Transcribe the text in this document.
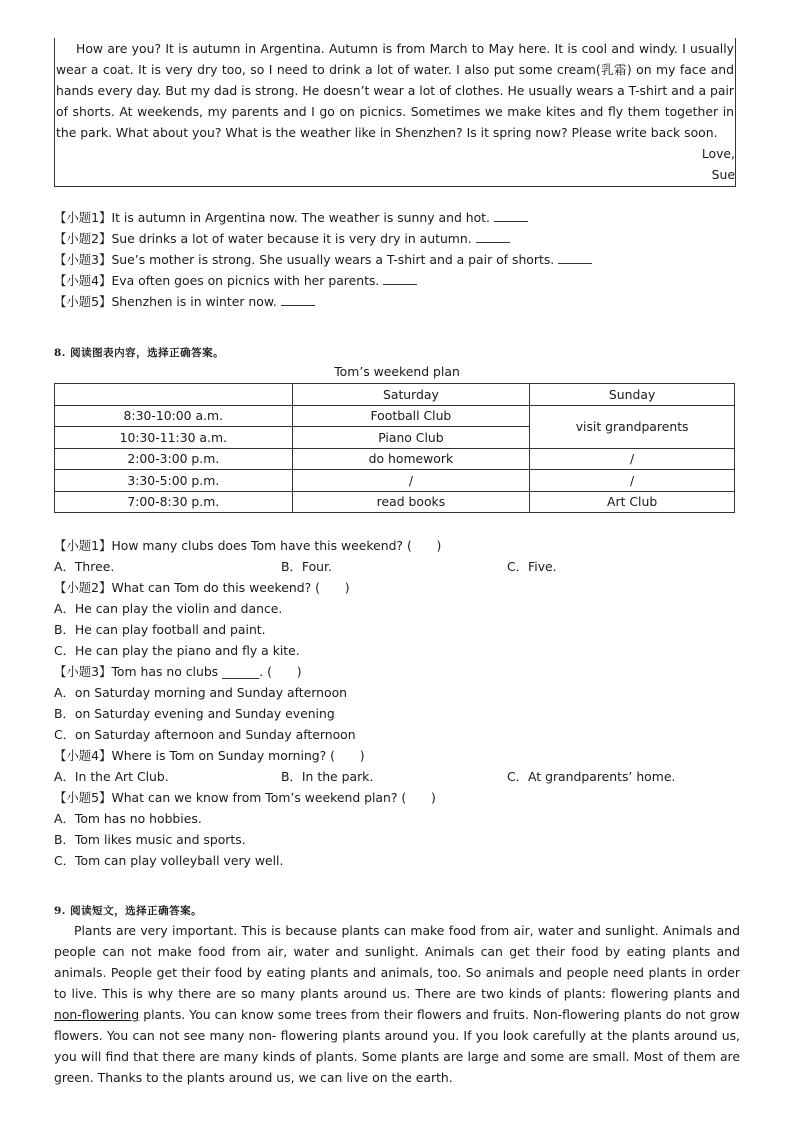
How are you? It is autumn in Argentina. Autumn is from March to May here. It is cool and windy. I usually wear a coat. It is very dry too, so I need to drink a lot of water. I also put some cream(乳霜) on my face and hands every day. But my dad is strong. He doesn’t wear a lot of clothes. He usually wears a T-shirt and a pair of shorts. At weekends, my parents and I go on picnics. Sometimes we make kites and fly them together in the park. What about you? What is the weather like in Shenzhen? Is it spring now? Please write back soon.

Love,
Sue
【小题1】It is autumn in Argentina now. The weather is sunny and hot.
【小题2】Sue drinks a lot of water because it is very dry in autumn.
【小题3】Sue’s mother is strong. She usually wears a T-shirt and a pair of shorts.
【小题4】Eva often goes on picnics with her parents.
【小题5】Shenzhen is in winter now.
8. 阅读图表内容，选择正确答案。
Tom’s weekend plan
	Saturday	Sunday
8:30-10:00 a.m.	Football Club	visit grandparents
10:30-11:30 a.m.	Piano Club	
2:00-3:00 p.m.	do homework	/
3:30-5:00 p.m.	/	/
7:00-8:30 p.m.	read books	Art Club
【小题1】How many clubs does Tom have this weekend? (　　)
A．Three.	B．Four.	C．Five.
【小题2】What can Tom do this weekend? (　　)
A．He can play the violin and dance.
B．He can play football and paint.
C．He can play the piano and fly a kite.
【小题3】Tom has no clubs ______. (　　)
A．on Saturday morning and Sunday afternoon
B．on Saturday evening and Sunday evening
C．on Saturday afternoon and Sunday afternoon
【小题4】Where is Tom on Sunday morning? (　　)
A．In the Art Club.	B．In the park.	C．At grandparents’ home.
【小题5】What can we know from Tom’s weekend plan? (　　)
A．Tom has no hobbies.
B．Tom likes music and sports.
C．Tom can play volleyball very well.
9. 阅读短文，选择正确答案。

Plants are very important. This is because plants can make food from air, water and sunlight. Animals and people can not make food from air, water and sunlight. Animals can get their food by eating plants and animals. People get their food by eating plants and animals, too. So animals and people need plants in order to live. This is why there are so many plants around us. There are two kinds of plants: flowering plants and non-flowering plants. You can know some trees from their flowers and fruits. Non-flowering plants do not grow flowers. You can not see many non- flowering plants around you. If you look carefully at the plants around us, you will find that there are many kinds of plants. Some plants are large and some are small. Most of them are green. Thanks to the plants around us, we can live on the earth.
